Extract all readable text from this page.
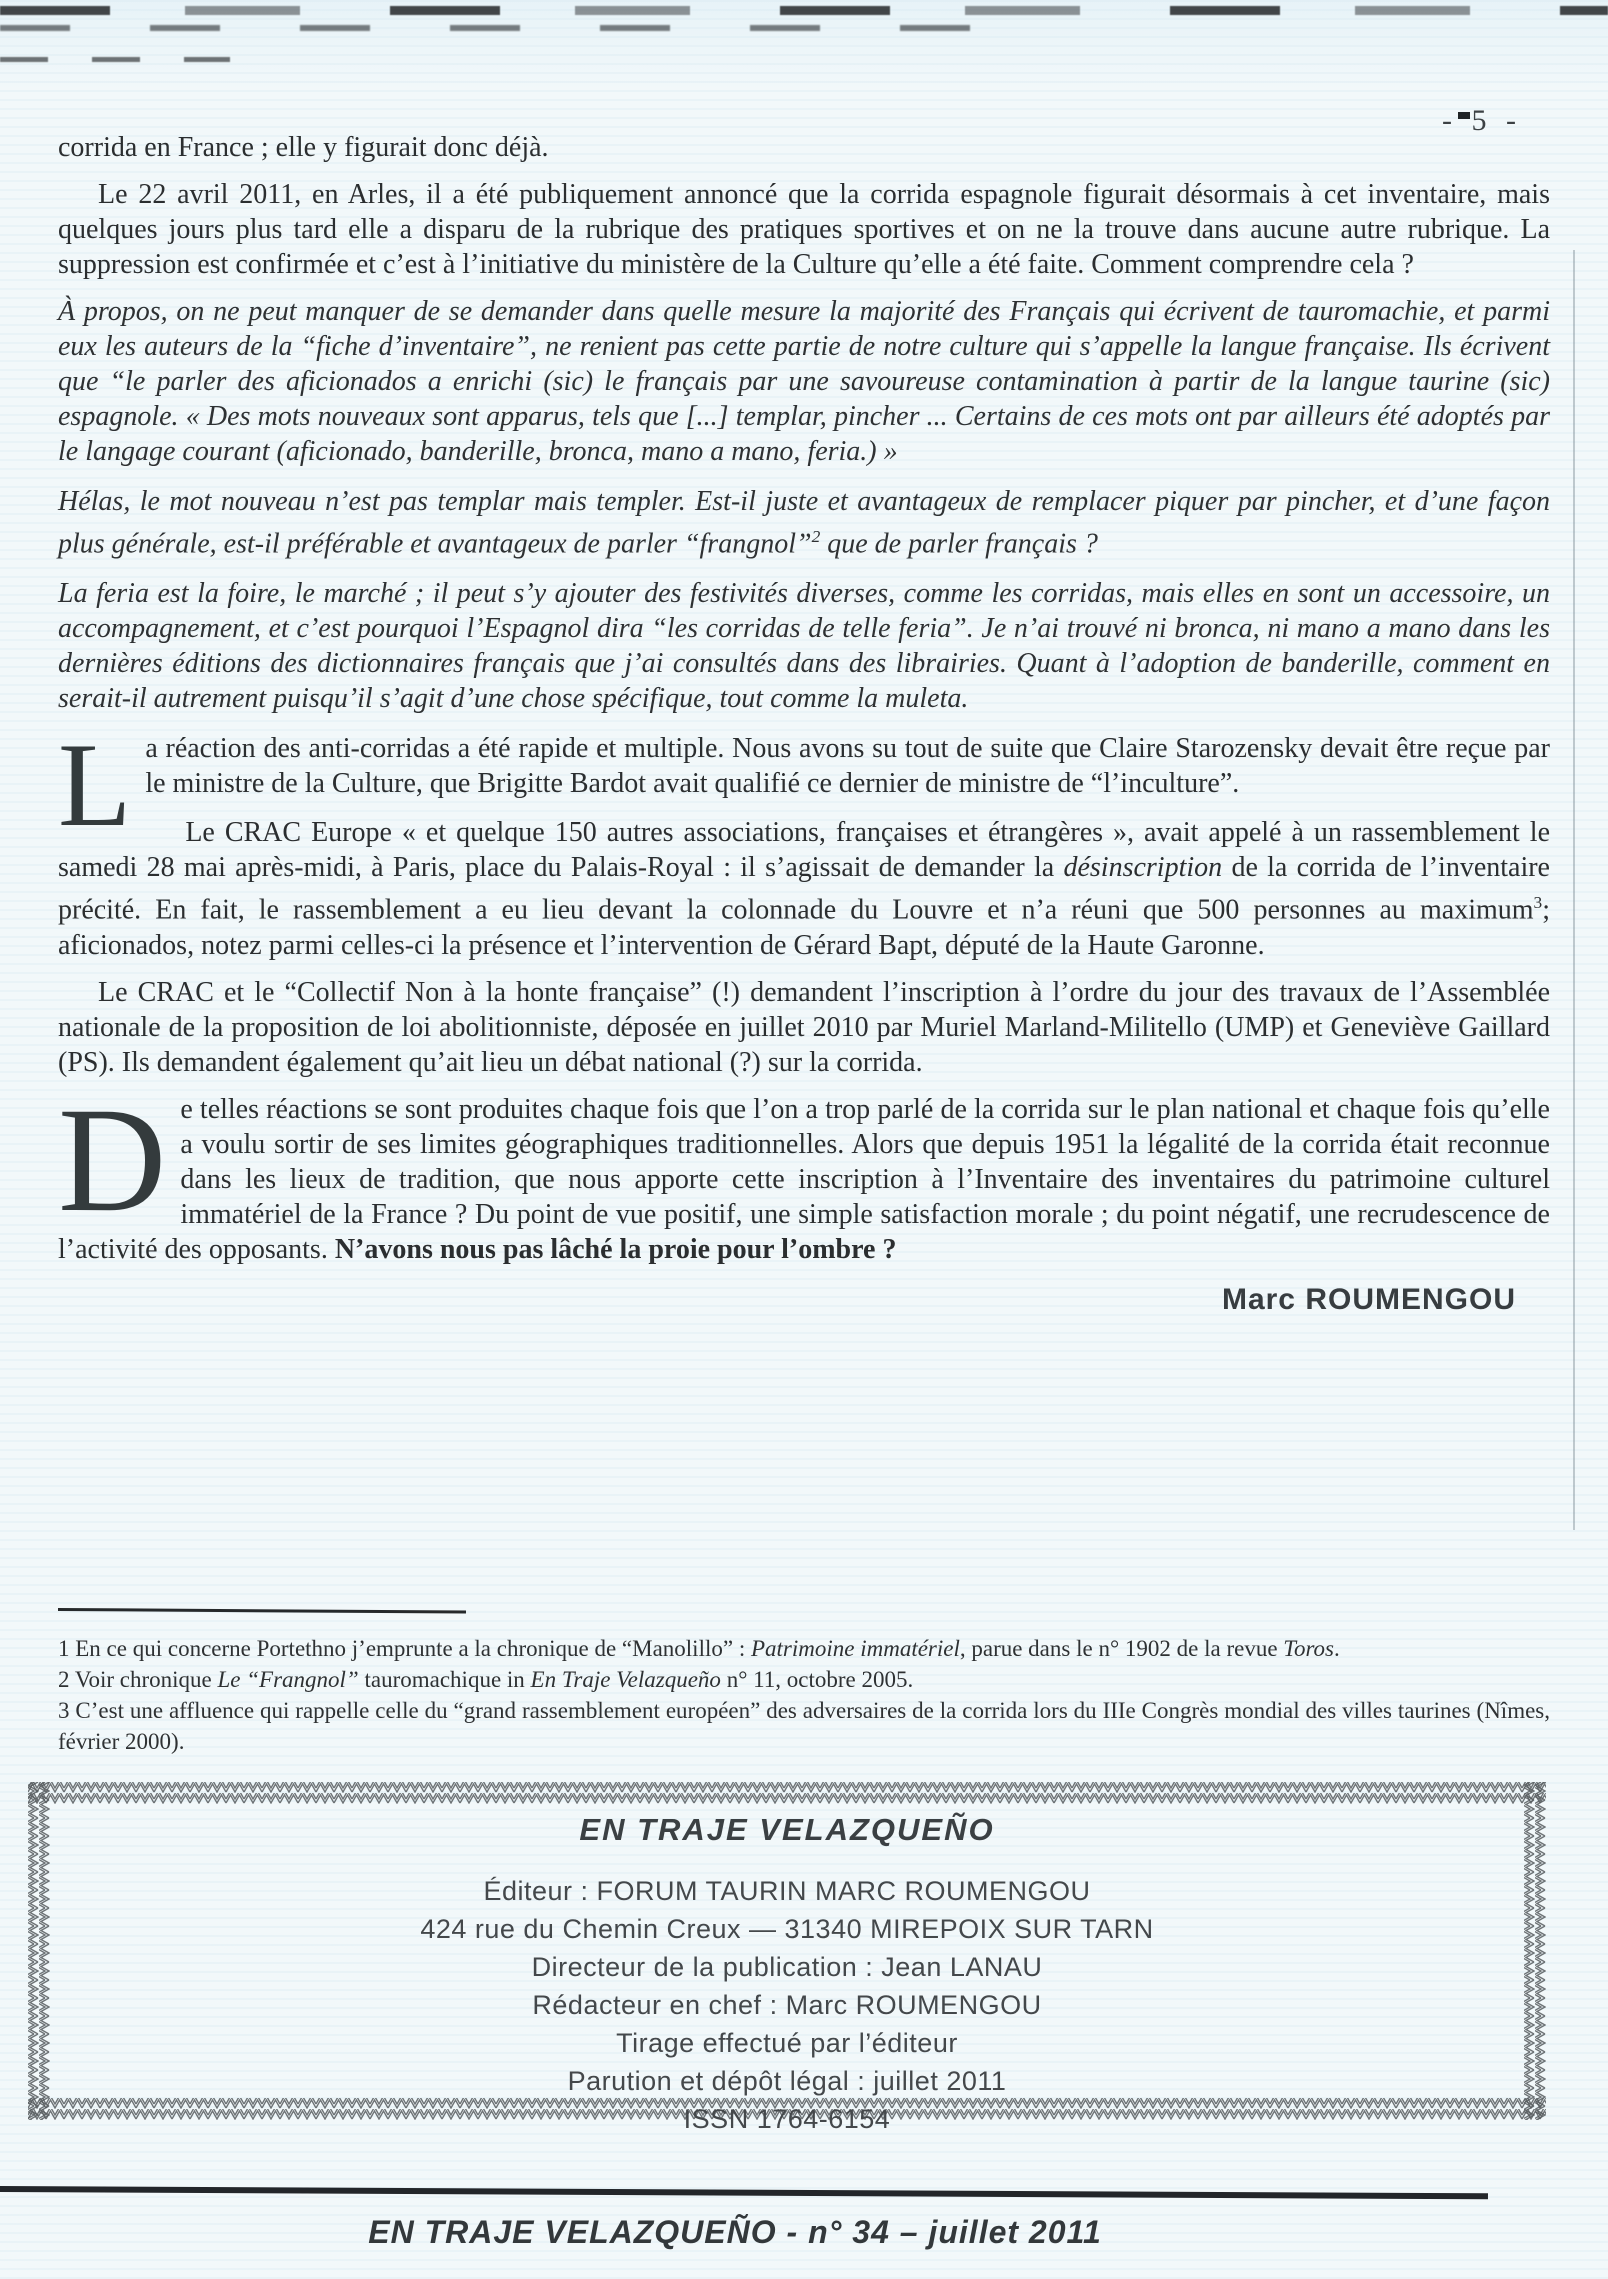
- 5 -

corrida en France ; elle y figurait donc déjà.

Le 22 avril 2011, en Arles, il a été publiquement annoncé que la corrida espagnole figurait désormais à cet inventaire, mais quelques jours plus tard elle a disparu de la rubrique des pratiques sportives et on ne la trouve dans aucune autre rubrique. La suppression est confirmée et c’est à l’initiative du ministère de la Culture qu’elle a été faite. Comment comprendre cela ?

À propos, on ne peut manquer de se demander dans quelle mesure la majorité des Français qui écrivent de tauromachie, et parmi eux les auteurs de la “fiche d’inventaire”, ne renient pas cette partie de notre culture qui s’appelle la langue française. Ils écrivent que “le parler des aficionados a enrichi (sic) le français par une savoureuse contamination à partir de la langue taurine (sic) espagnole. « Des mots nouveaux sont apparus, tels que [...] templar, pincher ... Certains de ces mots ont par ailleurs été adoptés par le langage courant (aficionado, banderille, bronca, mano a mano, feria.) »

Hélas, le mot nouveau n’est pas templar mais templer. Est-il juste et avantageux de remplacer piquer par pincher, et d’une façon plus générale, est-il préférable et avantageux de parler “frangnol”$^2$ que de parler français ?

La feria est la foire, le marché ; il peut s’y ajouter des festivités diverses, comme les corridas, mais elles en sont un accessoire, un accompagnement, et c’est pourquoi l’Espagnol dira “les corridas de telle feria”. Je n’ai trouvé ni bronca, ni mano a mano dans les dernières éditions des dictionnaires français que j’ai consultés dans des librairies. Quant à l’adoption de banderille, comment en serait-il autrement puisqu’il s’agit d’une chose spécifique, tout comme la muleta.

La réaction des anti-corridas a été rapide et multiple. Nous avons su tout de suite que Claire Starozensky devait être reçue par le ministre de la Culture, que Brigitte Bardot avait qualifié ce dernier de ministre de “l’inculture”.

Le CRAC Europe « et quelque 150 autres associations, françaises et étrangères », avait appelé à un rassemblement le samedi 28 mai après-midi, à Paris, place du Palais-Royal : il s’agissait de demander la désinscription de la corrida de l’inventaire précité. En fait, le rassemblement a eu lieu devant la colonnade du Louvre et n’a réuni que 500 personnes au maximum$^3$; aficionados, notez parmi celles-ci la présence et l’intervention de Gérard Bapt, député de la Haute Garonne.

Le CRAC et le “Collectif Non à la honte française” (!) demandent l’inscription à l’ordre du jour des travaux de l’Assemblée nationale de la proposition de loi abolitionniste, déposée en juillet 2010 par Muriel Marland-Militello (UMP) et Geneviève Gaillard (PS). Ils demandent également qu’ait lieu un débat national (?) sur la corrida.

De telles réactions se sont produites chaque fois que l’on a trop parlé de la corrida sur le plan national et chaque fois qu’elle a voulu sortir de ses limites géographiques traditionnelles. Alors que depuis 1951 la légalité de la corrida était reconnue dans les lieux de tradition, que nous apporte cette inscription à l’Inventaire des inventaires du patrimoine culturel immatériel de la France ? Du point de vue positif, une simple satisfaction morale ; du point négatif, une recrudescence de l’activité des opposants. N’avons nous pas lâché la proie pour l’ombre ?

Marc ROUMENGOU

1 En ce qui concerne Portethno j’emprunte a la chronique de “Manolillo” : Patrimoine immatériel, parue dans le n° 1902 de la revue Toros.

2 Voir chronique Le “Frangnol” tauromachique in En Traje Velazqueño n° 11, octobre 2005.

3 C’est une affluence qui rappelle celle du “grand rassemblement européen” des adversaires de la corrida lors du IIIe Congrès mondial des villes taurines (Nîmes, février 2000).

EN TRAJE VELAZQUEÑO
Éditeur : FORUM TAURIN MARC ROUMENGOU
424 rue du Chemin Creux — 31340 MIREPOIX SUR TARN
Directeur de la publication : Jean LANAU
Rédacteur en chef : Marc ROUMENGOU
Tirage effectué par l’éditeur
Parution et dépôt légal : juillet 2011
ISSN 1764-6154
EN TRAJE VELAZQUEÑO - n° 34 – juillet 2011
